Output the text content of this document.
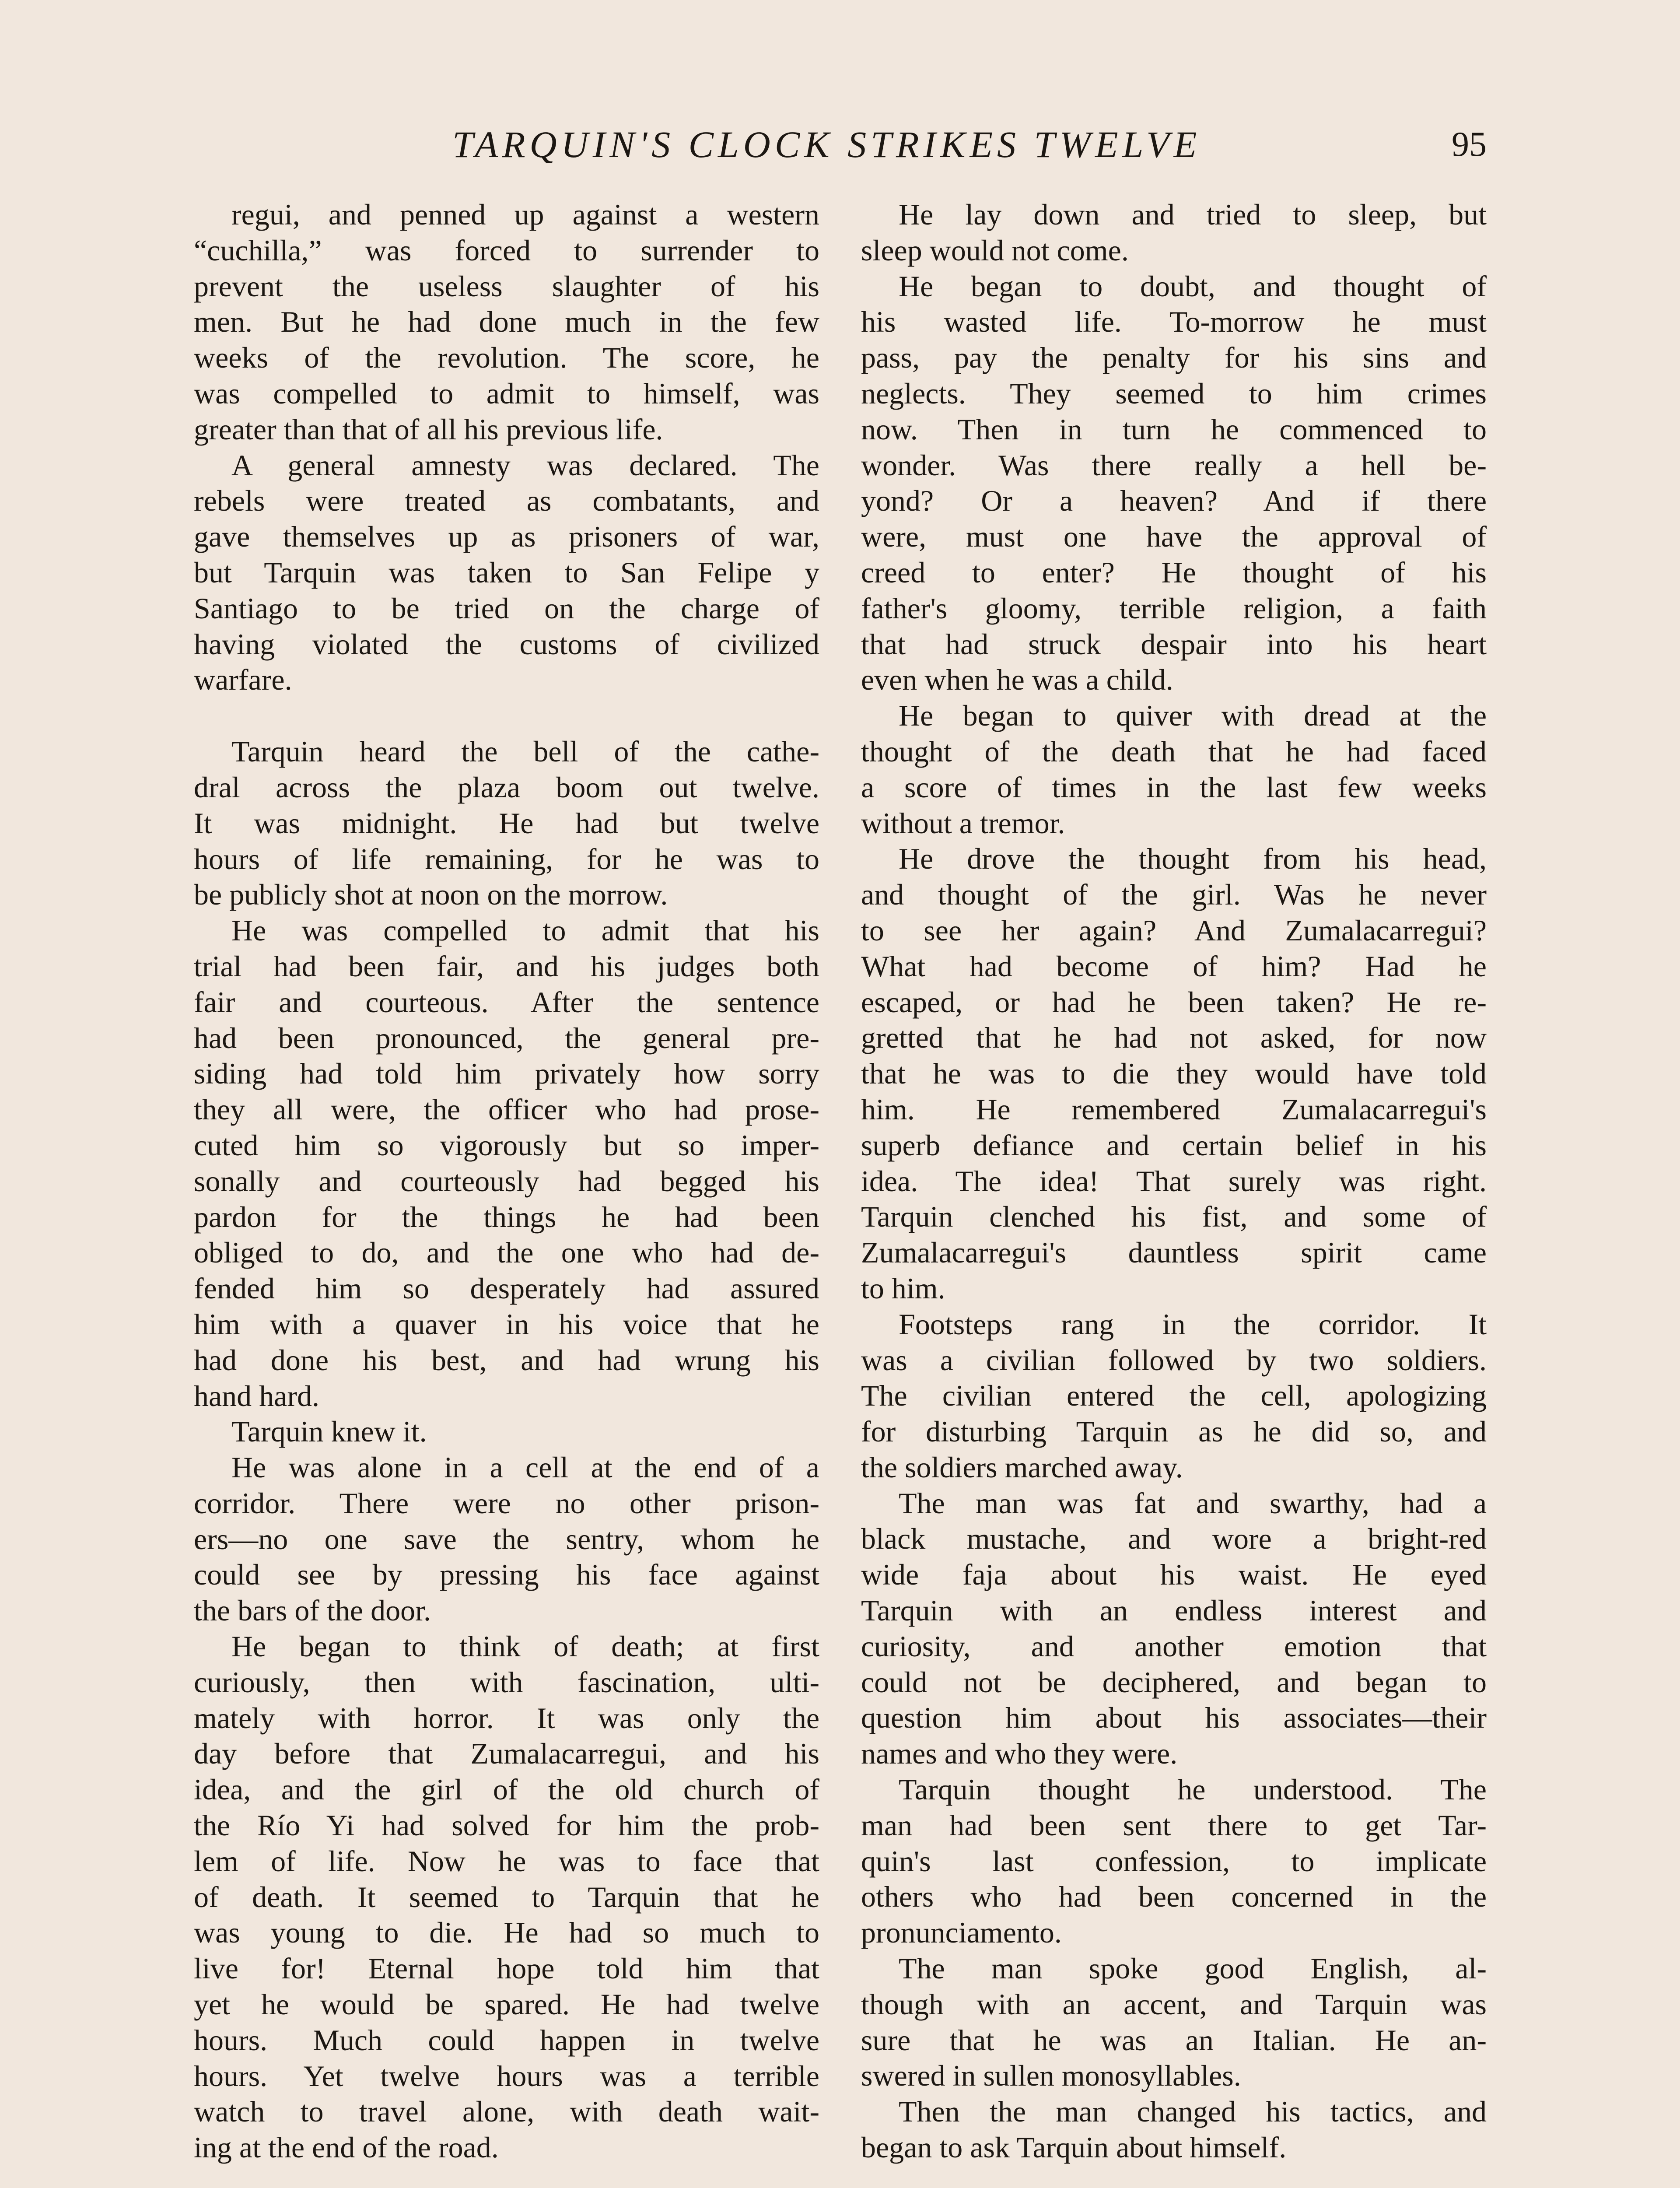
TARQUIN'S CLOCK STRIKES TWELVE	95
regui, and penned up against a western
“cuchilla,” was forced to surrender to
prevent the useless slaughter of his
men. But he had done much in the few
weeks of the revolution. The score, he
was compelled to admit to himself, was
greater than that of all his previous life.
A general amnesty was declared. The
rebels were treated as combatants, and
gave themselves up as prisoners of war,
but Tarquin was taken to San Felipe y
Santiago to be tried on the charge of
having violated the customs of civilized
warfare.
Tarquin heard the bell of the cathe-
dral across the plaza boom out twelve.
It was midnight. He had but twelve
hours of life remaining, for he was to
be publicly shot at noon on the morrow.
He was compelled to admit that his
trial had been fair, and his judges both
fair and courteous. After the sentence
had been pronounced, the general pre-
siding had told him privately how sorry
they all were, the officer who had prose-
cuted him so vigorously but so imper-
sonally and courteously had begged his
pardon for the things he had been
obliged to do, and the one who had de-
fended him so desperately had assured
him with a quaver in his voice that he
had done his best, and had wrung his
hand hard.
Tarquin knew it.
He was alone in a cell at the end of a
corridor. There were no other prison-
ers—no one save the sentry, whom he
could see by pressing his face against
the bars of the door.
He began to think of death; at first
curiously, then with fascination, ulti-
mately with horror. It was only the
day before that Zumalacarregui, and his
idea, and the girl of the old church of
the Río Yi had solved for him the prob-
lem of life. Now he was to face that
of death. It seemed to Tarquin that he
was young to die. He had so much to
live for! Eternal hope told him that
yet he would be spared. He had twelve
hours. Much could happen in twelve
hours. Yet twelve hours was a terrible
watch to travel alone, with death wait-
ing at the end of the road.
He lay down and tried to sleep, but
sleep would not come.
He began to doubt, and thought of
his wasted life. To-morrow he must
pass, pay the penalty for his sins and
neglects. They seemed to him crimes
now. Then in turn he commenced to
wonder. Was there really a hell be-
yond? Or a heaven? And if there
were, must one have the approval of
creed to enter? He thought of his
father's gloomy, terrible religion, a faith
that had struck despair into his heart
even when he was a child.
He began to quiver with dread at the
thought of the death that he had faced
a score of times in the last few weeks
without a tremor.
He drove the thought from his head,
and thought of the girl. Was he never
to see her again? And Zumalacarregui?
What had become of him? Had he
escaped, or had he been taken? He re-
gretted that he had not asked, for now
that he was to die they would have told
him. He remembered Zumalacarregui's
superb defiance and certain belief in his
idea. The idea! That surely was right.
Tarquin clenched his fist, and some of
Zumalacarregui's dauntless spirit came
to him.
Footsteps rang in the corridor. It
was a civilian followed by two soldiers.
The civilian entered the cell, apologizing
for disturbing Tarquin as he did so, and
the soldiers marched away.
The man was fat and swarthy, had a
black mustache, and wore a bright-red
wide faja about his waist. He eyed
Tarquin with an endless interest and
curiosity, and another emotion that
could not be deciphered, and began to
question him about his associates—their
names and who they were.
Tarquin thought he understood. The
man had been sent there to get Tar-
quin's last confession, to implicate
others who had been concerned in the
pronunciamento.
The man spoke good English, al-
though with an accent, and Tarquin was
sure that he was an Italian. He an-
swered in sullen monosyllables.
Then the man changed his tactics, and
began to ask Tarquin about himself.
